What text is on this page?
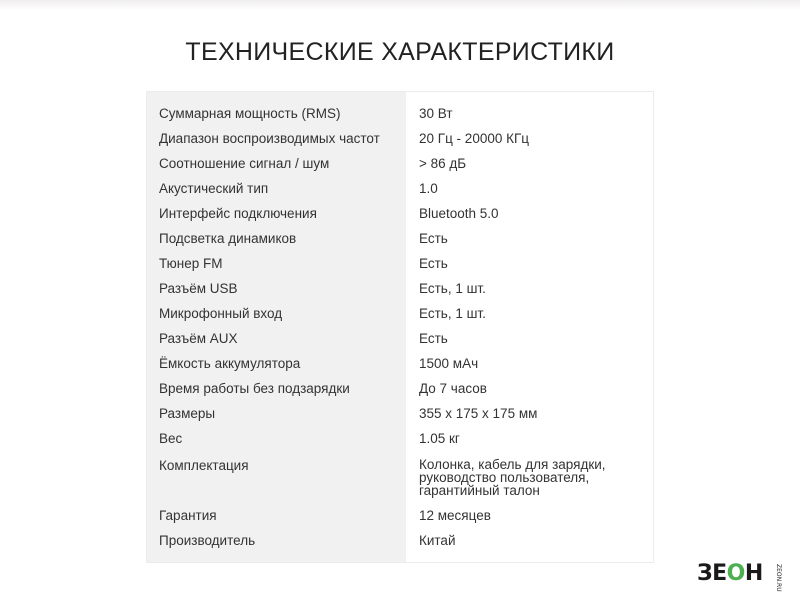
ТЕХНИЧЕСКИЕ ХАРАКТЕРИСТИКИ
Суммарная мощность (RMS)	30 Вт
Диапазон воспроизводимых частот	20 Гц - 20000 КГц
Соотношение сигнал / шум	> 86 дБ
Акустический тип	1.0
Интерфейс подключения	Bluetooth 5.0
Подсветка динамиков	Есть
Тюнер FM	Есть
Разъём USB	Есть, 1 шт.
Микрофонный вход	Есть, 1 шт.
Разъём AUX	Есть
Ёмкость аккумулятора	1500 мАч
Время работы без подзарядки	До 7 часов
Размеры	355 x 175 x 175 мм
Вес	1.05 кг
Комплектация	Колонка, кабель для зарядки,
руководство пользователя,
гарантийный талон
Гарантия	12 месяцев
Производитель	Китай
ЗЕОН ZEON.RU
